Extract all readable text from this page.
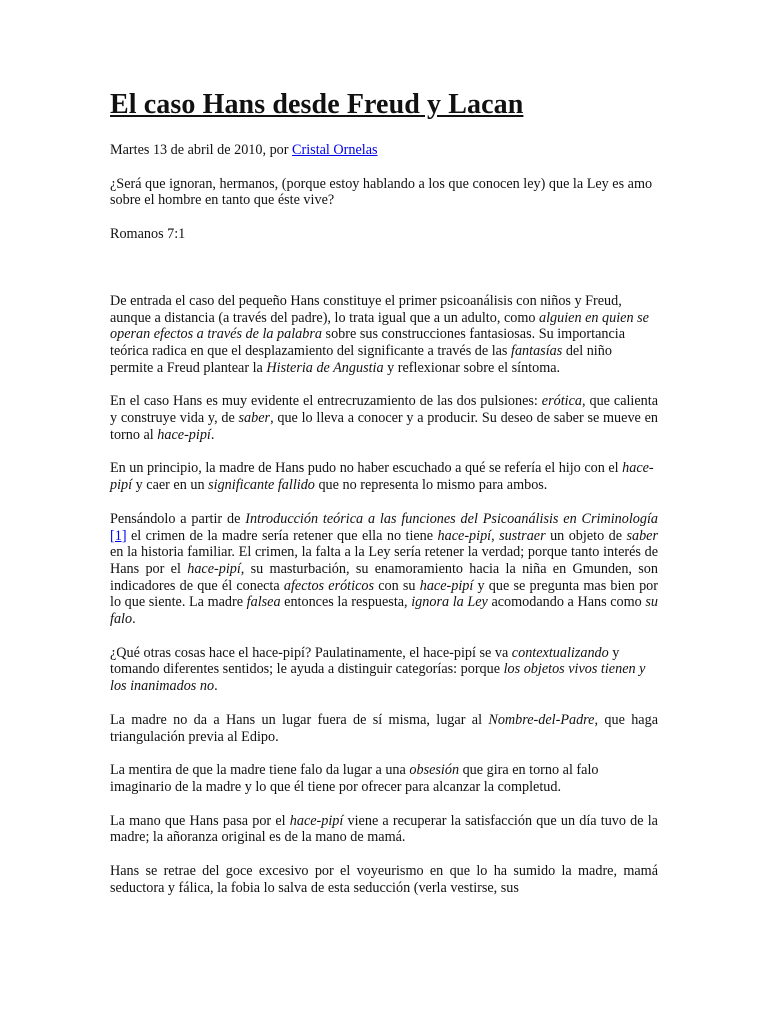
El caso Hans desde Freud y Lacan

Martes 13 de abril de 2010, por Cristal Ornelas

¿Será que ignoran, hermanos, (porque estoy hablando a los que conocen ley) que la Ley es amo sobre el hombre en tanto que éste vive?

Romanos 7:1

De entrada el caso del pequeño Hans constituye el primer psicoanálisis con niños y Freud, aunque a distancia (a través del padre), lo trata igual que a un adulto, como alguien en quien se operan efectos a través de la palabra sobre sus construcciones fantasiosas. Su importancia teórica radica en que el desplazamiento del significante a través de las fantasías del niño permite a Freud plantear la Histeria de Angustia y reflexionar sobre el síntoma.

En el caso Hans es muy evidente el entrecruzamiento de las dos pulsiones: erótica, que calienta y construye vida y, de saber, que lo lleva a conocer y a producir. Su deseo de saber se mueve en torno al hace-pipí.

En un principio, la madre de Hans pudo no haber escuchado a qué se refería el hijo con el hace-pipí y caer en un significante fallido que no representa lo mismo para ambos.

Pensándolo a partir de Introducción teórica a las funciones del Psicoanálisis en Criminología [1] el crimen de la madre sería retener que ella no tiene hace-pipí, sustraer un objeto de saber en la historia familiar. El crimen, la falta a la Ley sería retener la verdad; porque tanto interés de Hans por el hace-pipí, su masturbación, su enamoramiento hacia la niña en Gmunden, son indicadores de que él conecta afectos eróticos con su hace-pipí y que se pregunta mas bien por lo que siente. La madre falsea entonces la respuesta, ignora la Ley acomodando a Hans como su falo.

¿Qué otras cosas hace el hace-pipí? Paulatinamente, el hace-pipí se va contextualizando y tomando diferentes sentidos; le ayuda a distinguir categorías: porque los objetos vivos tienen y los inanimados no.

La madre no da a Hans un lugar fuera de sí misma, lugar al Nombre-del-Padre, que haga triangulación previa al Edipo.

La mentira de que la madre tiene falo da lugar a una obsesión que gira en torno al falo imaginario de la madre y lo que él tiene por ofrecer para alcanzar la completud.

La mano que Hans pasa por el hace-pipí viene a recuperar la satisfacción que un día tuvo de la madre; la añoranza original es de la mano de mamá.

Hans se retrae del goce excesivo por el voyeurismo en que lo ha sumido la madre, mamá seductora y fálica, la fobia lo salva de esta seducción (verla vestirse, sus
